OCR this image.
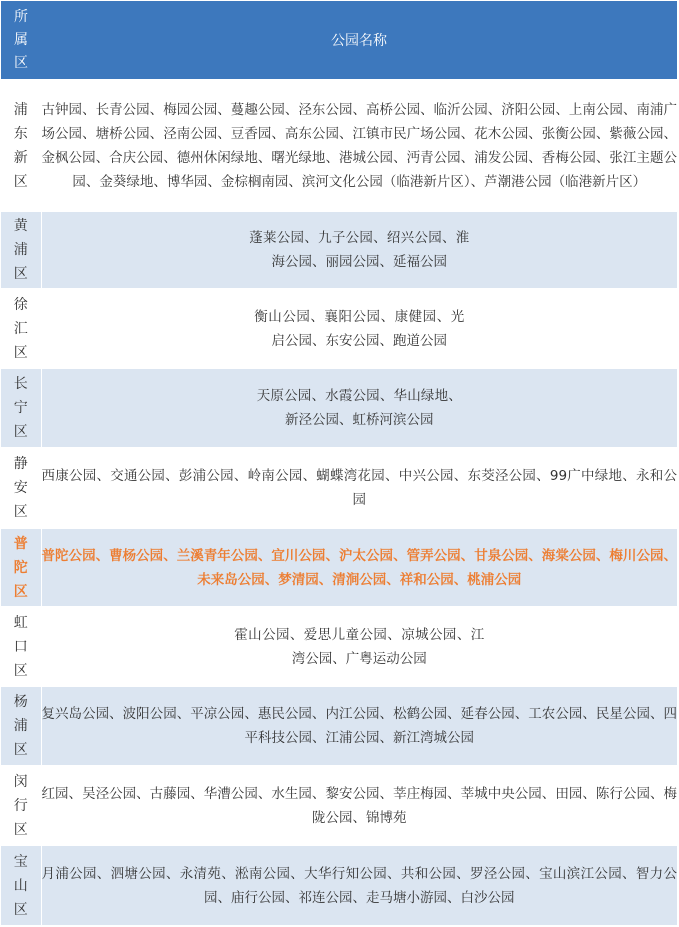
所
属
区	公园名称

浦
东
新
区	古钟园、长青公园、梅园公园、蔓趣公园、泾东公园、高桥公园、临沂公园、济阳公园、上南公园、南浦广场公园、塘桥公园、泾南公园、豆香园、高东公园、江镇市民广场公园、花木公园、张衡公园、紫薇公园、金枫公园、合庆公园、德州休闲绿地、曙光绿地、港城公园、沔青公园、浦发公园、香梅公园、张江主题公园、金葵绿地、博华园、金棕榈南园、滨河文化公园（临港新片区）、芦潮港公园（临港新片区）

黄
浦
区	蓬莱公园、九子公园、绍兴公园、淮海公园、丽园公园、延福公园

徐
汇
区	衡山公园、襄阳公园、康健园、光启公园、东安公园、跑道公园

长
宁
区	天原公园、水霞公园、华山绿地、新泾公园、虹桥河滨公园

静
安
区	西康公园、交通公园、彭浦公园、岭南公园、蝴蝶湾花园、中兴公园、东茭泾公园、99广中绿地、永和公园

普
陀
区	普陀公园、曹杨公园、兰溪青年公园、宜川公园、沪太公园、管弄公园、甘泉公园、海棠公园、梅川公园、未来岛公园、梦清园、清涧公园、祥和公园、桃浦公园

虹
口
区	霍山公园、爱思儿童公园、凉城公园、江湾公园、广粤运动公园

杨
浦
区	复兴岛公园、波阳公园、平凉公园、惠民公园、内江公园、松鹤公园、延春公园、工农公园、民星公园、四平科技公园、江浦公园、新江湾城公园

闵
行
区	红园、吴泾公园、古藤园、华漕公园、水生园、黎安公园、莘庄梅园、莘城中央公园、田园、陈行公园、梅陇公园、锦博苑

宝
山
区	月浦公园、泗塘公园、永清苑、淞南公园、大华行知公园、共和公园、罗泾公园、宝山滨江公园、智力公园、庙行公园、祁连公园、走马塘小游园、白沙公园
